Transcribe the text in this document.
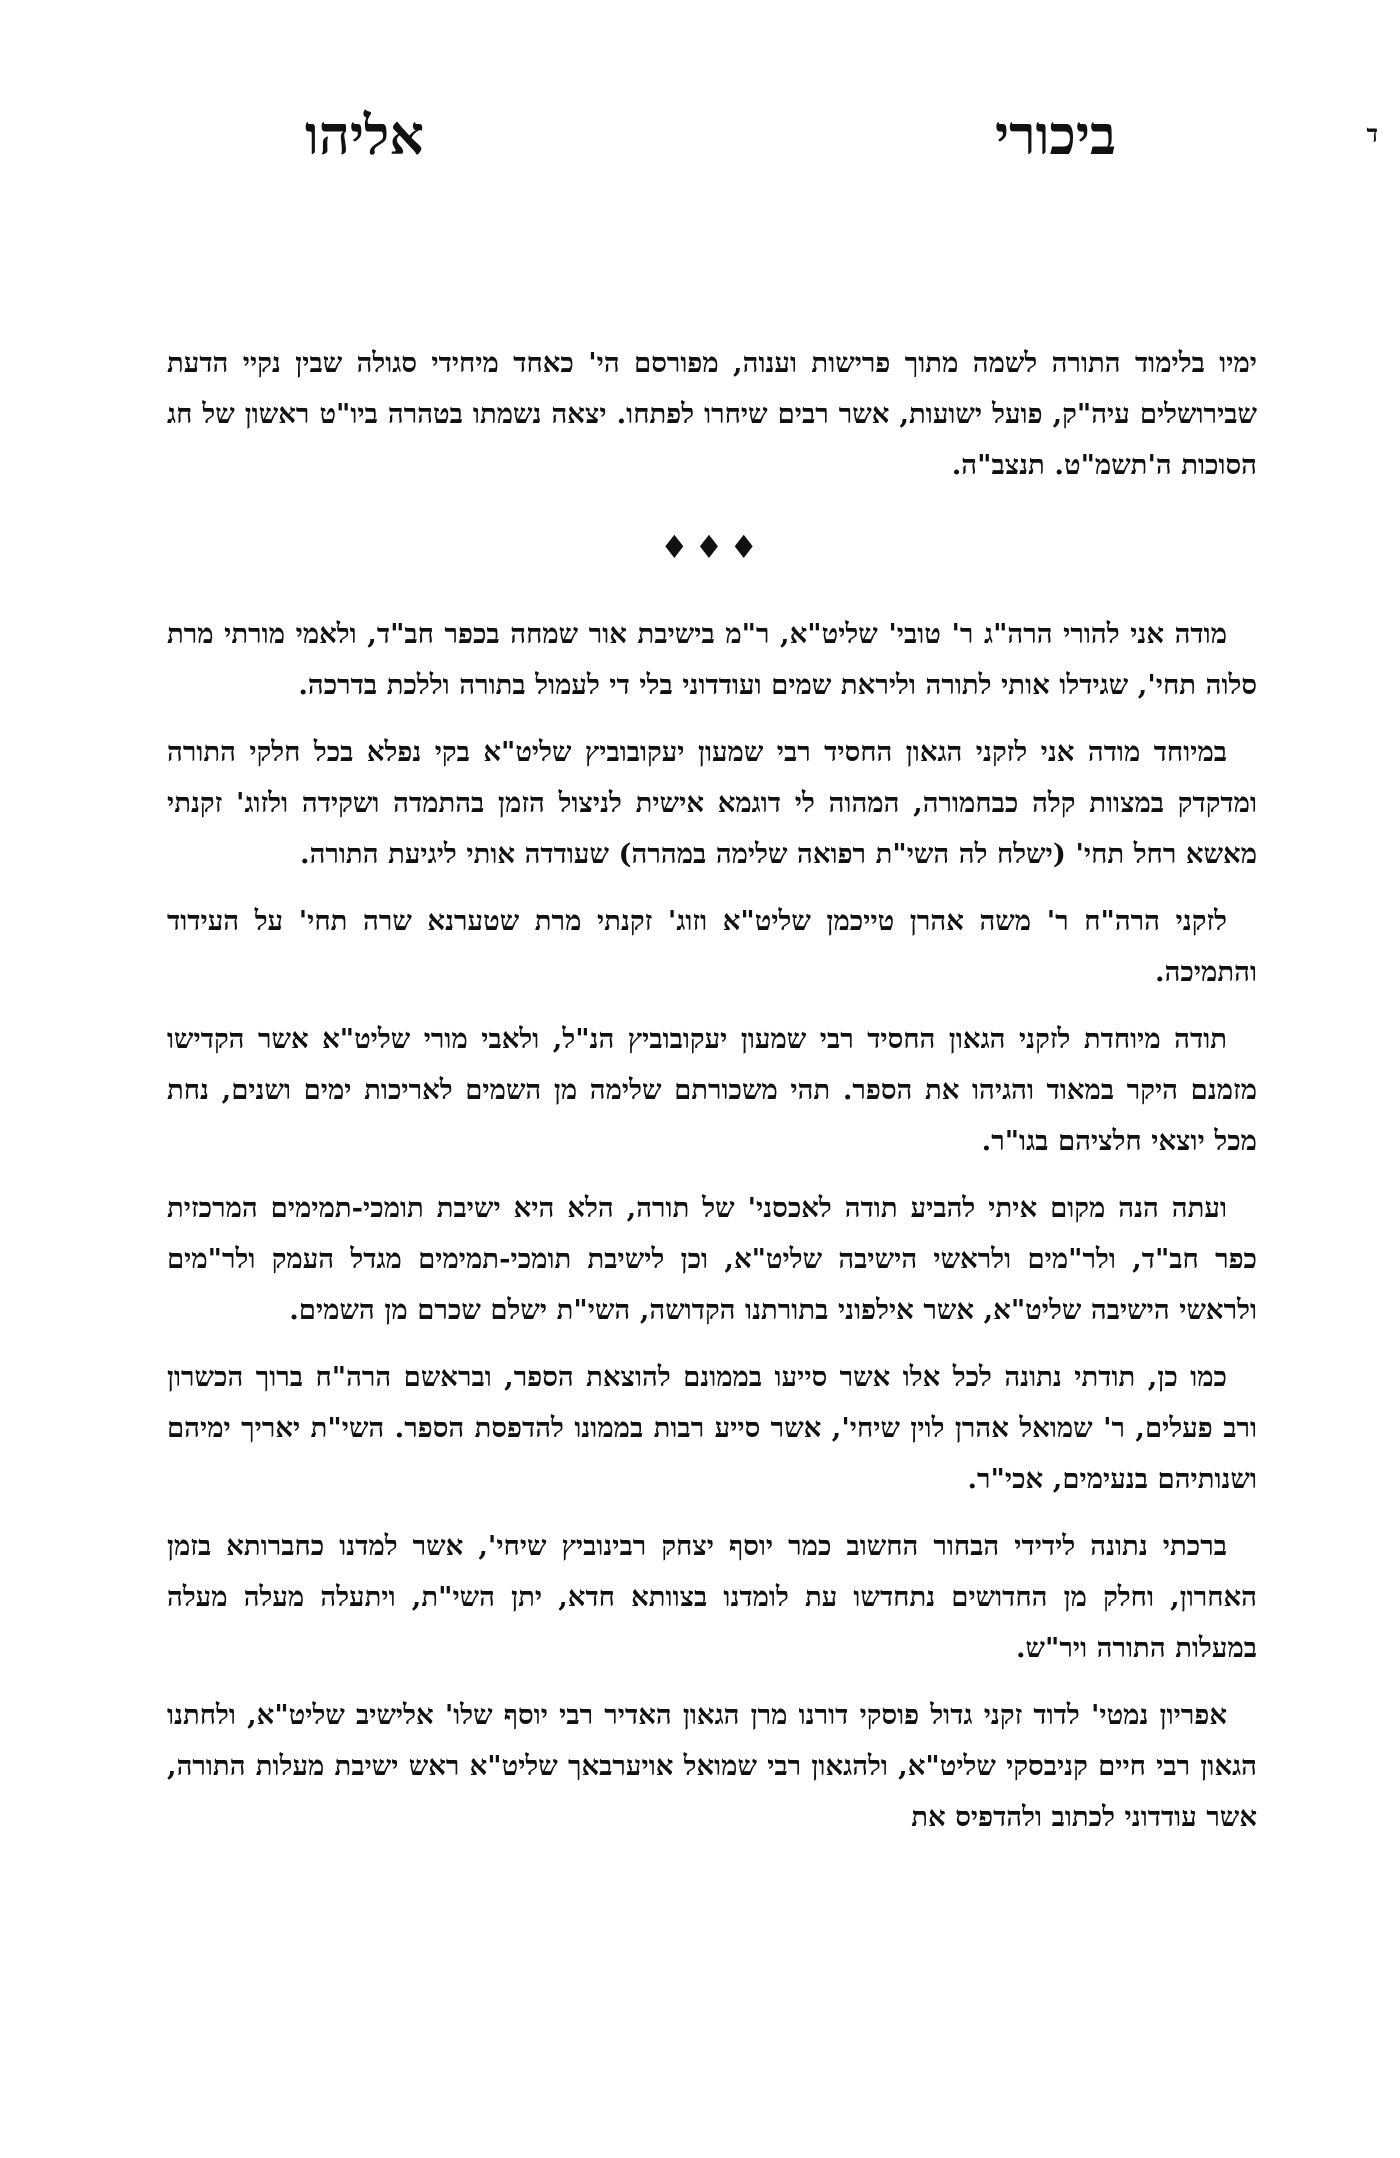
ד
ביכורי
אליהו

ימיו בלימוד התורה לשמה מתוך פרישות וענוה, מפורסם הי' כאחד מיחידי סגולה שבין נקיי הדעת שבירושלים עיה"ק, פועל ישועות, אשר רבים שיחרו לפתחו. יצאה נשמתו בטהרה ביו"ט ראשון של חג הסוכות ה'תשמ"ט. תנצב"ה.

♦♦♦

מודה אני להורי הרה"ג ר' טובי' שליט"א, ר"מ בישיבת אור שמחה בכפר חב"ד, ולאמי מורתי מרת סלוה תחי', שגידלו אותי לתורה וליראת שמים ועודדוני בלי די לעמול בתורה וללכת בדרכה.

במיוחד מודה אני לזקני הגאון החסיד רבי שמעון יעקובוביץ שליט"א בקי נפלא בכל חלקי התורה ומדקדק במצוות קלה כבחמורה, המהוה לי דוגמא אישית לניצול הזמן בהתמדה ושקידה ולזוג' זקנתי מאשא רחל תחי' (ישלח לה השי"ת רפואה שלימה במהרה) שעודדה אותי ליגיעת התורה.

לזקני הרה"ח ר' משה אהרן טייכמן שליט"א וזוג' זקנתי מרת שטערנא שרה תחי' על העידוד והתמיכה.

תודה מיוחדת לזקני הגאון החסיד רבי שמעון יעקובוביץ הנ"ל, ולאבי מורי שליט"א אשר הקדישו מזמנם היקר במאוד והגיהו את הספר. תהי משכורתם שלימה מן השמים לאריכות ימים ושנים, נחת מכל יוצאי חלציהם בגו"ר.

ועתה הנה מקום איתי להביע תודה לאכסני' של תורה, הלא היא ישיבת תומכי-תמימים המרכזית כפר חב"ד, ולר"מים ולראשי הישיבה שליט"א, וכן לישיבת תומכי-תמימים מגדל העמק ולר"מים ולראשי הישיבה שליט"א, אשר אילפוני בתורתנו הקדושה, השי"ת ישלם שכרם מן השמים.

כמו כן, תודתי נתונה לכל אלו אשר סייעו בממונם להוצאת הספר, ובראשם הרה"ח ברוך הכשרון ורב פעלים, ר' שמואל אהרן לוין שיחי', אשר סייע רבות בממונו להדפסת הספר. השי"ת יאריך ימיהם ושנותיהם בנעימים, אכי"ר.

ברכתי נתונה לידידי הבחור החשוב כמר יוסף יצחק רבינוביץ שיחי', אשר למדנו כחברותא בזמן האחרון, וחלק מן החדושים נתחדשו עת לומדנו בצוותא חדא, יתן השי"ת, ויתעלה מעלה מעלה במעלות התורה ויר"ש.

אפריון נמטי' לדוד זקני גדול פוסקי דורנו מרן הגאון האדיר רבי יוסף שלו' אלישיב שליט"א, ולחתנו הגאון רבי חיים קניבסקי שליט"א, ולהגאון רבי שמואל אויערבאך שליט"א ראש ישיבת מעלות התורה, אשר עודדוני לכתוב ולהדפיס את
